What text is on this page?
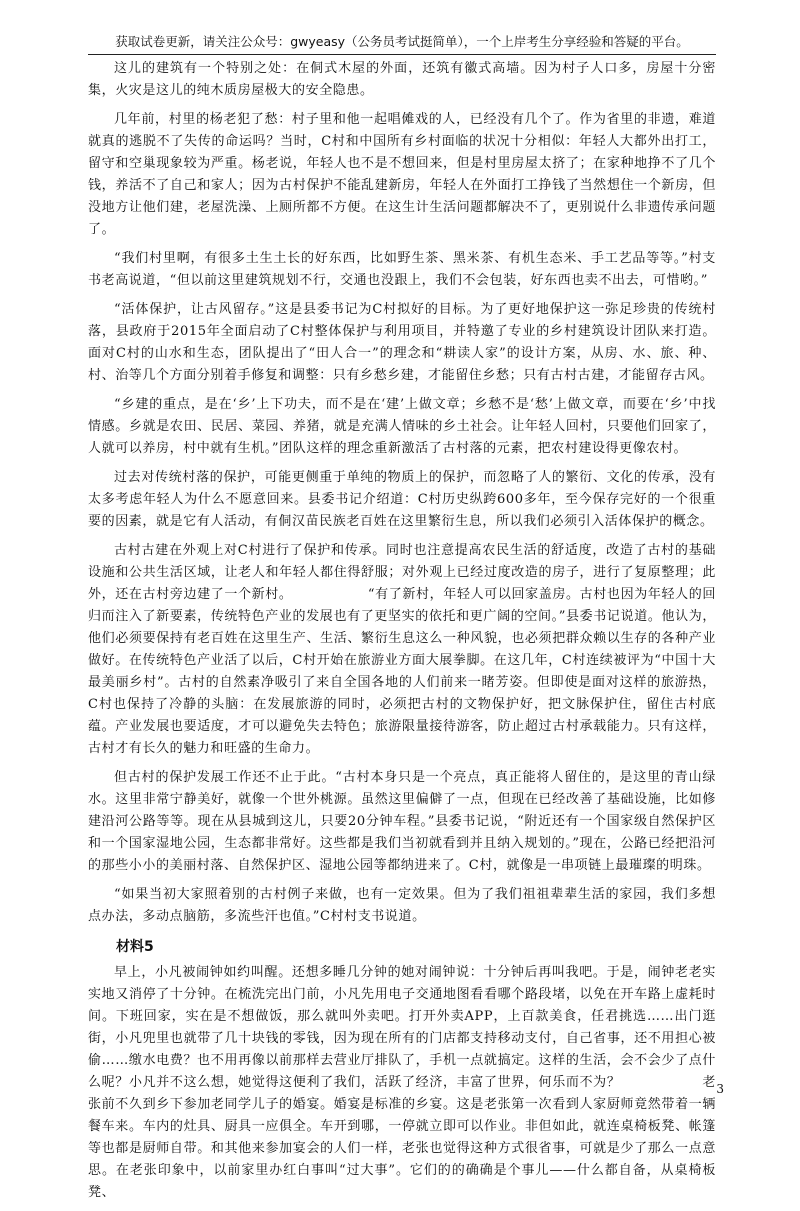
获取试卷更新，请关注公众号：gwyeasy（公务员考试挺简单），一个上岸考生分享经验和答疑的平台。

这儿的建筑有一个特别之处：在侗式木屋的外面，还筑有徽式高墙。因为村子人口多，房屋十分密集，火灾是这儿的纯木质房屋极大的安全隐患。

几年前，村里的杨老犯了愁：村子里和他一起唱傩戏的人，已经没有几个了。作为省里的非遗，难道就真的逃脱不了失传的命运吗？当时，C村和中国所有乡村面临的状况十分相似：年轻人大都外出打工，留守和空巢现象较为严重。杨老说，年轻人也不是不想回来，但是村里房屋太挤了；在家种地挣不了几个钱，养活不了自己和家人；因为古村保护不能乱建新房，年轻人在外面打工挣钱了当然想住一个新房，但没地方让他们建，老屋洗澡、上厕所都不方便。在这生计生活问题都解决不了，更别说什么非遗传承问题了。

“我们村里啊，有很多土生土长的好东西，比如野生茶、黑米茶、有机生态米、手工艺品等等。”村支书老高说道，“但以前这里建筑规划不行，交通也没跟上，我们不会包装，好东西也卖不出去，可惜哟。”

“活体保护，让古风留存。”这是县委书记为C村拟好的目标。为了更好地保护这一弥足珍贵的传统村落，县政府于2015年全面启动了C村整体保护与利用项目，并特邀了专业的乡村建筑设计团队来打造。面对C村的山水和生态，团队提出了“田人合一”的理念和“耕读人家”的设计方案，从房、水、旅、种、村、治等几个方面分别着手修复和调整：只有乡愁乡建，才能留住乡愁；只有古村古建，才能留存古风。

“乡建的重点，是在‘乡’上下功夫，而不是在‘建’上做文章；乡愁不是‘愁’上做文章，而要在‘乡’中找情感。乡就是农田、民居、菜园、养猪，就是充满人情味的乡土社会。让年轻人回村，只要他们回家了，人就可以养房，村中就有生机。”团队这样的理念重新激活了古村落的元素，把农村建设得更像农村。

过去对传统村落的保护，可能更侧重于单纯的物质上的保护，而忽略了人的繁衍、文化的传承，没有太多考虑年轻人为什么不愿意回来。县委书记介绍道：C村历史纵跨600多年，至今保存完好的一个很重要的因素，就是它有人活动，有侗汉苗民族老百姓在这里繁衍生息，所以我们必须引入活体保护的概念。

古村古建在外观上对C村进行了保护和传承。同时也注意提高农民生活的舒适度，改造了古村的基础设施和公共生活区域，让老人和年轻人都住得舒服；对外观上已经过度改造的房子，进行了复原整理；此外，还在古村旁边建了一个新村。　　　　　　“有了新村，年轻人可以回家盖房。古村也因为年轻人的回归而注入了新要素，传统特色产业的发展也有了更坚实的依托和更广阔的空间。”县委书记说道。他认为，他们必须要保持有老百姓在这里生产、生活、繁衍生息这么一种风貌，也必须把群众赖以生存的各种产业做好。在传统特色产业活了以后，C村开始在旅游业方面大展拳脚。在这几年，C村连续被评为“中国十大最美丽乡村”。古村的自然素净吸引了来自全国各地的人们前来一睹芳姿。但即使是面对这样的旅游热，C村也保持了冷静的头脑：在发展旅游的同时，必须把古村的文物保护好，把文脉保护住，留住古村底蕴。产业发展也要适度，才可以避免失去特色；旅游限量接待游客，防止超过古村承载能力。只有这样，古村才有长久的魅力和旺盛的生命力。

但古村的保护发展工作还不止于此。“古村本身只是一个亮点，真正能将人留住的，是这里的青山绿水。这里非常宁静美好，就像一个世外桃源。虽然这里偏僻了一点，但现在已经改善了基础设施，比如修建沿河公路等等。现在从县城到这儿，只要20分钟车程。”县委书记说，“附近还有一个国家级自然保护区和一个国家湿地公园，生态都非常好。这些都是我们当初就看到并且纳入规划的。”现在，公路已经把沿河的那些小小的美丽村落、自然保护区、湿地公园等都纳进来了。C村，就像是一串项链上最璀璨的明珠。

“如果当初大家照着别的古村例子来做，也有一定效果。但为了我们祖祖辈辈生活的家园，我们多想点办法，多动点脑筋，多流些汗也值。”C村村支书说道。

材料5

早上，小凡被闹钟如约叫醒。还想多睡几分钟的她对闹钟说：十分钟后再叫我吧。于是，闹钟老老实实地又消停了十分钟。在梳洗完出门前，小凡先用电子交通地图看看哪个路段堵，以免在开车路上虚耗时间。下班回家，实在是不想做饭，那么就叫外卖吧。打开外卖APP，上百款美食，任君挑选……出门逛街，小凡兜里也就带了几十块钱的零钱，因为现在所有的门店都支持移动支付，自己省事，还不用担心被偷……缴水电费？也不用再像以前那样去营业厅排队了，手机一点就搞定。这样的生活，会不会少了点什么呢？小凡并不这么想，她觉得这便利了我们，活跃了经济，丰富了世界，何乐而不为？　　　　　　老张前不久到乡下参加老同学儿子的婚宴。婚宴是标准的乡宴。这是老张第一次看到人家厨师竟然带着一辆餐车来。车内的灶具、厨具一应俱全。车开到哪，一停就立即可以作业。非但如此，就连桌椅板凳、帐篷等也都是厨师自带。和其他来参加宴会的人们一样，老张也觉得这种方式很省事，可就是少了那么一点意思。在老张印象中，以前家里办红白事叫“过大事”。它们的的确确是个事儿——什么都自备，从桌椅板凳、

3
